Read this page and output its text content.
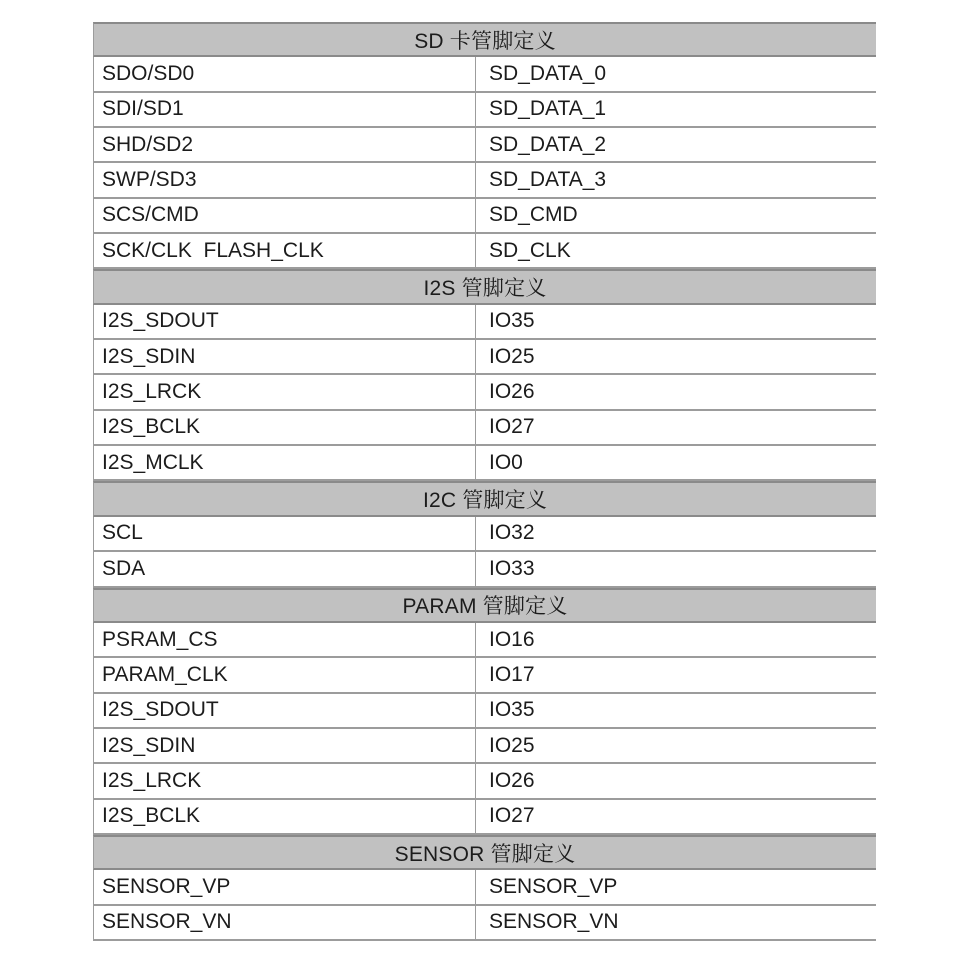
SD 卡管脚定义
SDO/SD0	SD_DATA_0
SDI/SD1	SD_DATA_1
SHD/SD2	SD_DATA_2
SWP/SD3	SD_DATA_3
SCS/CMD	SD_CMD
SCK/CLK  FLASH_CLK	SD_CLK
I2S 管脚定义
I2S_SDOUT	IO35
I2S_SDIN	IO25
I2S_LRCK	IO26
I2S_BCLK	IO27
I2S_MCLK	IO0
I2C 管脚定义
SCL	IO32
SDA	IO33
PARAM 管脚定义
PSRAM_CS	IO16
PARAM_CLK	IO17
I2S_SDOUT	IO35
I2S_SDIN	IO25
I2S_LRCK	IO26
I2S_BCLK	IO27
SENSOR 管脚定义
SENSOR_VP	SENSOR_VP
SENSOR_VN	SENSOR_VN
